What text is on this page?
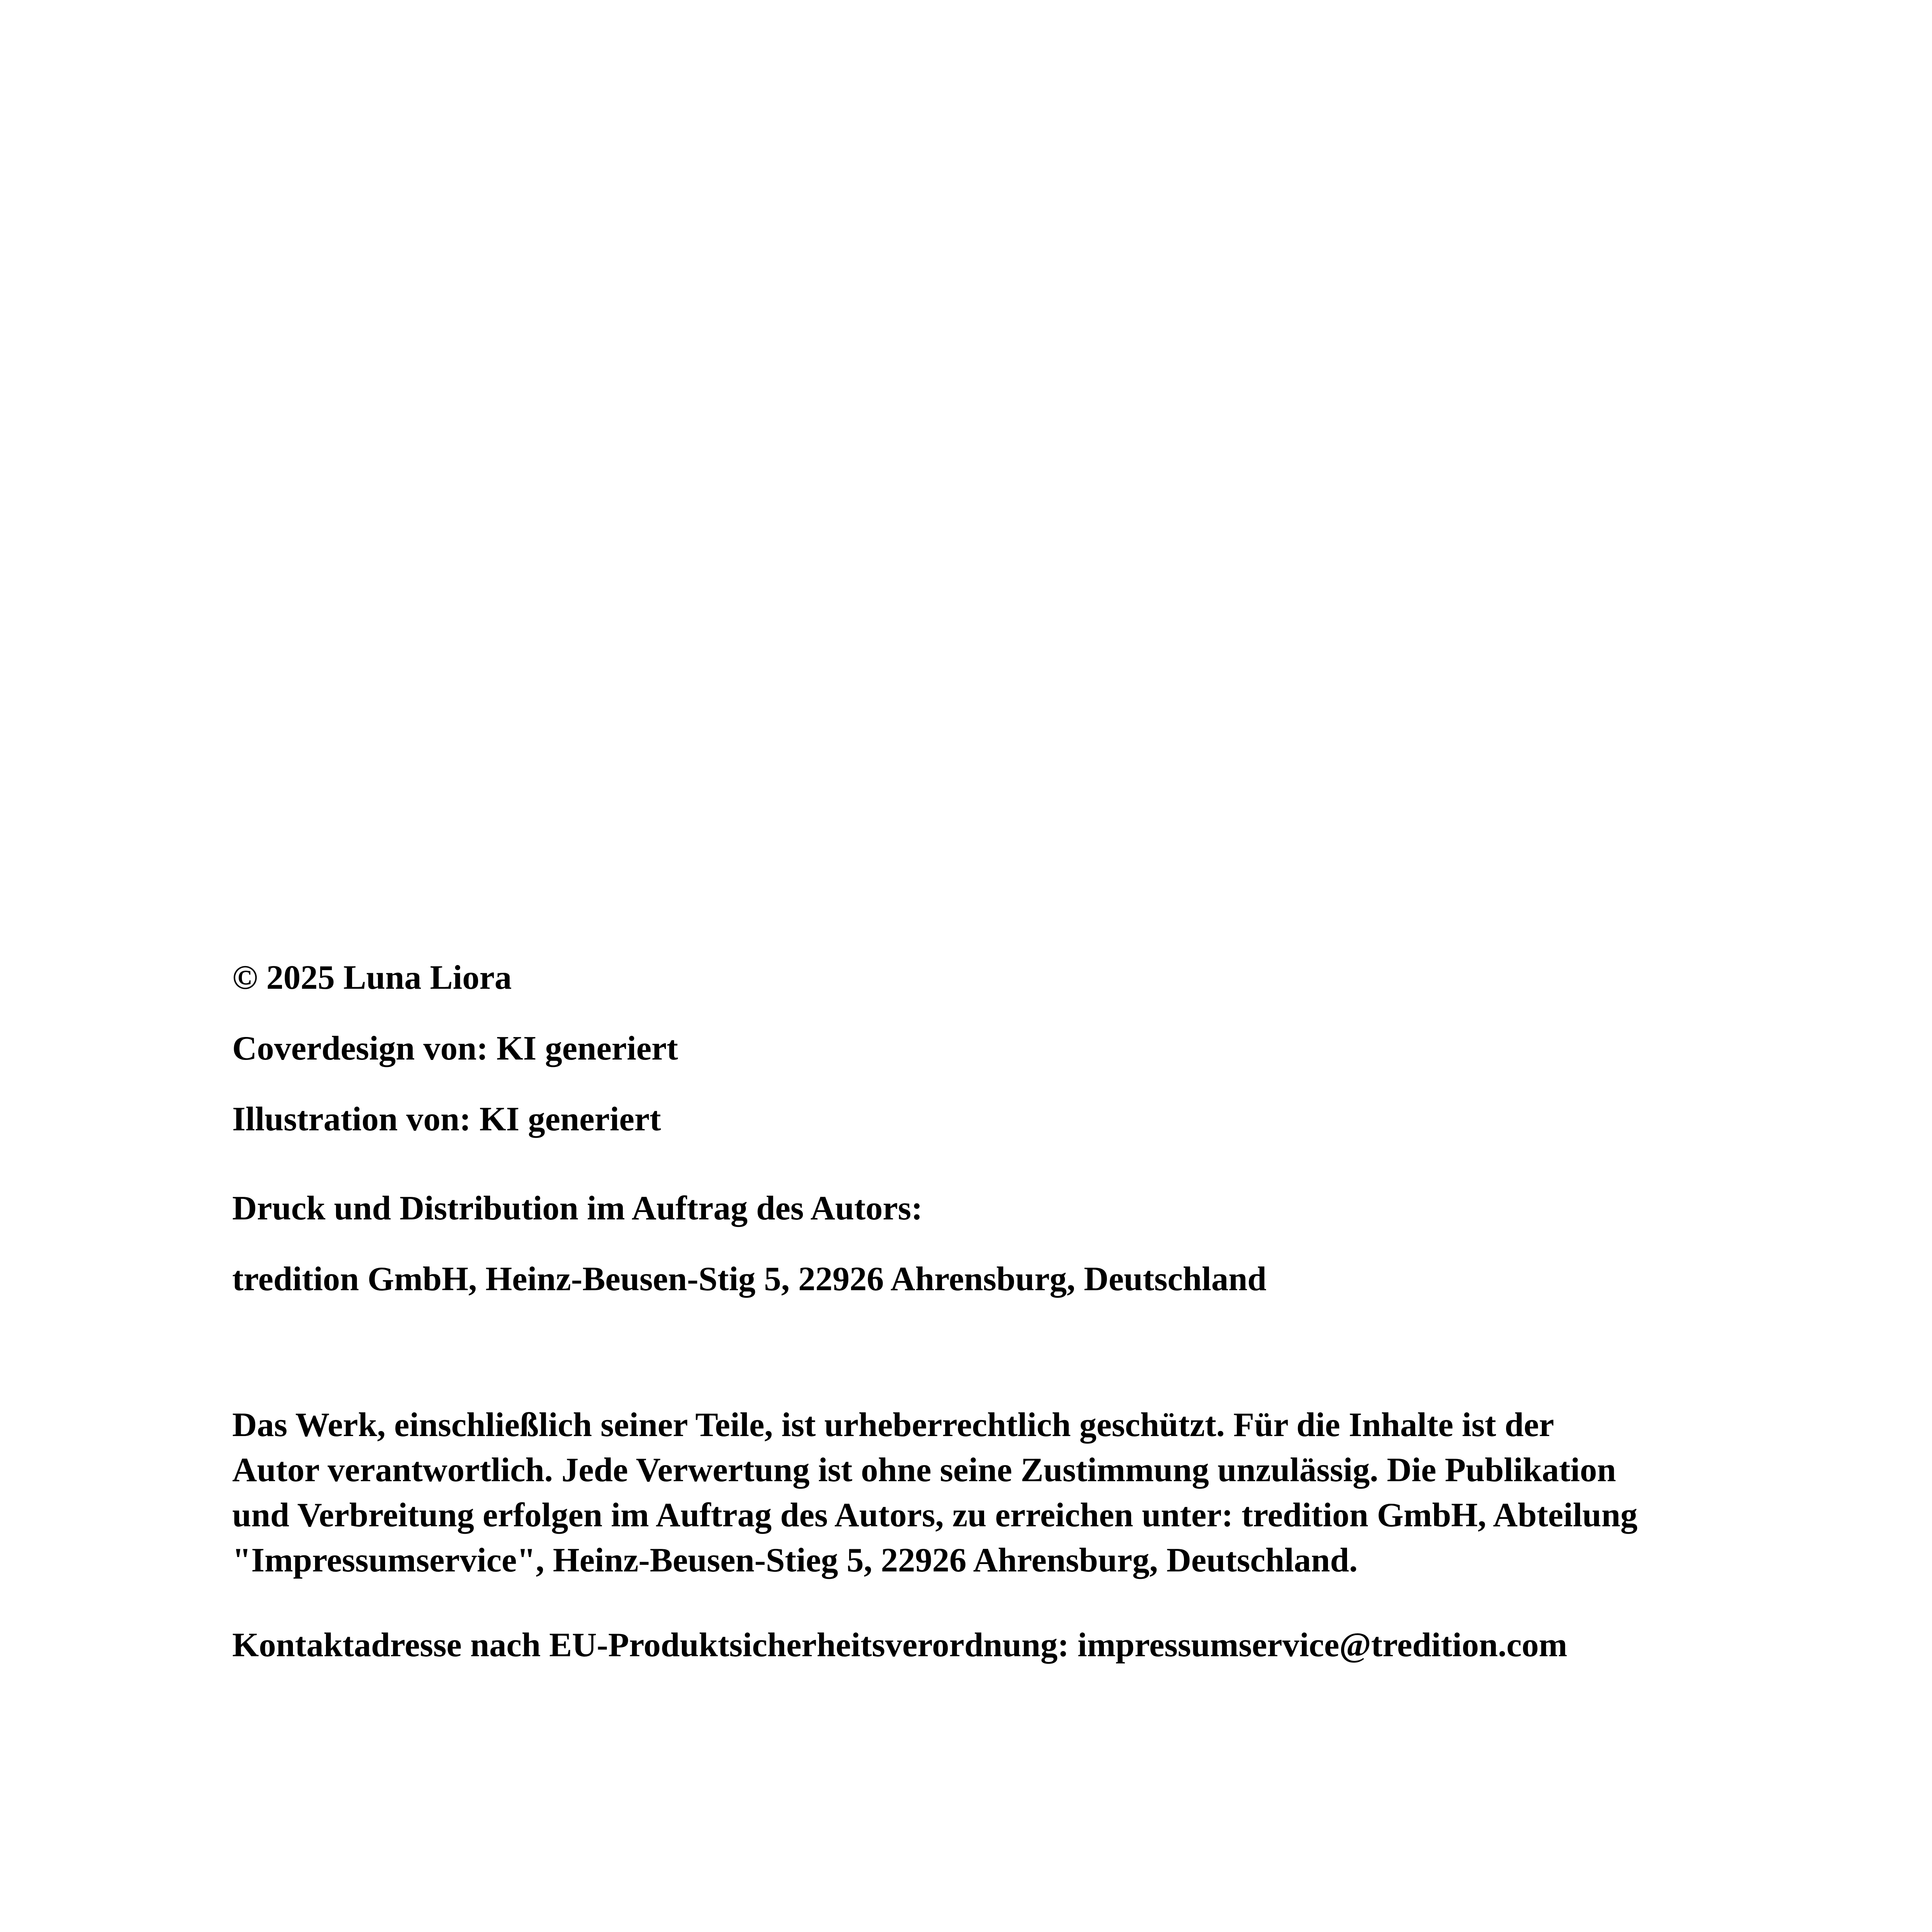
© 2025 Luna Liora
Coverdesign von: KI generiert
Illustration von: KI generiert
Druck und Distribution im Auftrag des Autors:
tredition GmbH, Heinz-Beusen-Stig 5, 22926 Ahrensburg, Deutschland
Das Werk, einschließlich seiner Teile, ist urheberrechtlich geschützt. Für die Inhalte ist der
Autor verantwortlich. Jede Verwertung ist ohne seine Zustimmung unzulässig. Die Publikation
und Verbreitung erfolgen im Auftrag des Autors, zu erreichen unter: tredition GmbH, Abteilung
"Impressumservice", Heinz-Beusen-Stieg 5, 22926 Ahrensburg, Deutschland.
Kontaktadresse nach EU-Produktsicherheitsverordnung: impressumservice@tredition.com
